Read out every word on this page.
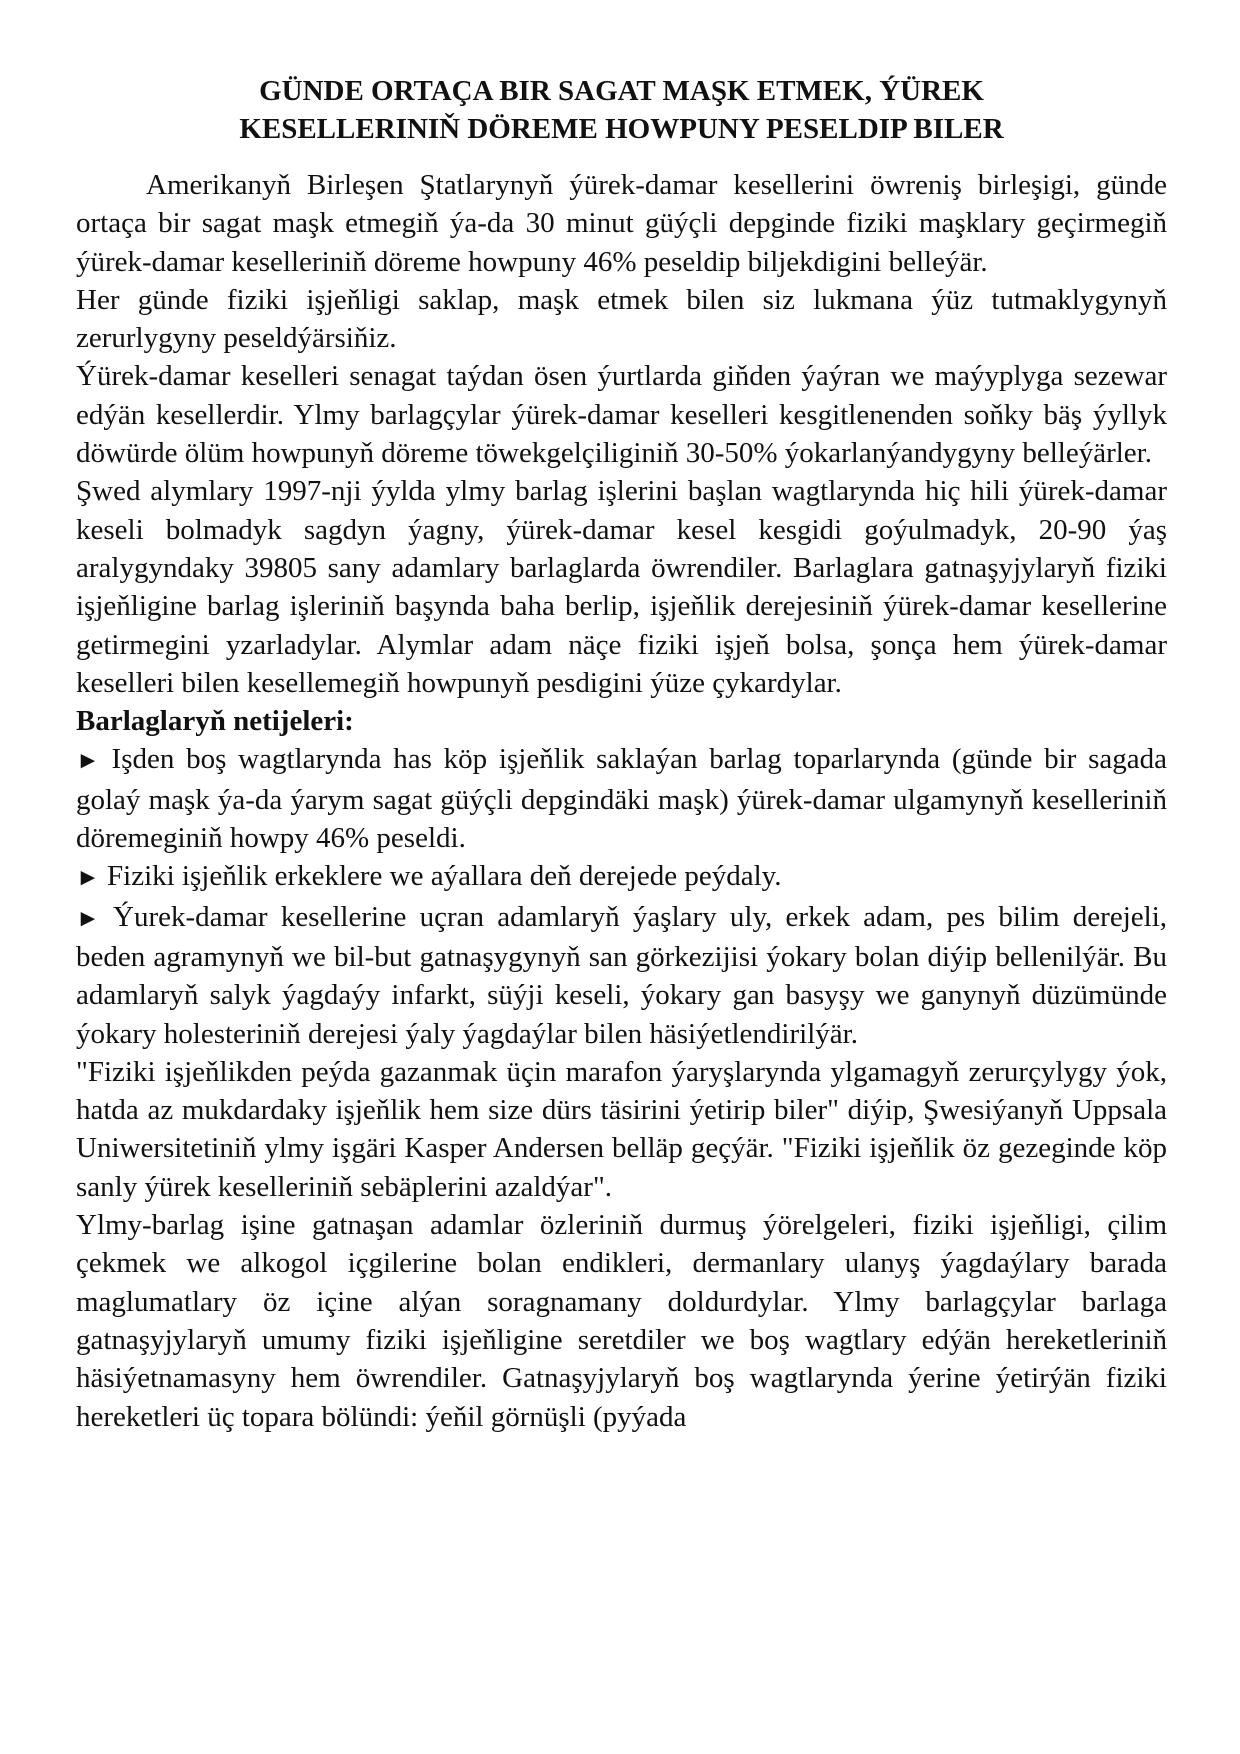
GÜNDE ORTAÇA BIR SAGAT MAŞK ETMEK, ÝÜREK
KESELLERINIŇ DÖREME HOWPUNY PESELDIP BILER

Amerikanyň Birleşen Ştatlarynyň ýürek-damar kesellerini öwreniş birleşigi, günde ortaça bir sagat maşk etmegiň ýa-da 30 minut güýçli depginde fiziki maşklary geçirmegiň ýürek-damar keselleriniň döreme howpuny 46% peseldip biljekdigini belleýär.

Her günde fiziki işjeňligi saklap, maşk etmek bilen siz lukmana ýüz tutmaklygynyň zerurlygyny peseldýärsiňiz.

Ýürek-damar keselleri senagat taýdan ösen ýurtlarda giňden ýaýran we maýyplyga sezewar edýän kesellerdir. Ylmy barlagçylar ýürek-damar keselleri kesgitlenenden soňky bäş ýyllyk döwürde ölüm howpunyň döreme töwekgelçiliginiň 30-50% ýokarlanýandygyny belleýärler.

Şwed alymlary 1997-nji ýylda ylmy barlag işlerini başlan wagtlarynda hiç hili ýürek-damar keseli bolmadyk sagdyn ýagny, ýürek-damar kesel kesgidi goýulmadyk, 20-90 ýaş aralygyndaky 39805 sany adamlary barlaglarda öwrendiler. Barlaglara gatnaşyjylaryň fiziki işjeňligine barlag işleriniň başynda baha berlip, işjeňlik derejesiniň ýürek-damar kesellerine getirmegini yzarladylar. Alymlar adam näçe fiziki işjeň bolsa, şonça hem ýürek-damar keselleri bilen kesellemegiň howpunyň pesdigini ýüze çykardylar.

Barlaglaryň netijeleri:

► Işden boş wagtlarynda has köp işjeňlik saklaýan barlag toparlarynda (günde bir sagada golaý maşk ýa-da ýarym sagat güýçli depgindäki maşk) ýürek-damar ulgamynyň keselleriniň döremeginiň howpy 46% peseldi.

► Fiziki işjeňlik erkeklere we aýallara deň derejede peýdaly.

► Ýurek-damar kesellerine uçran adamlaryň ýaşlary uly, erkek adam, pes bilim derejeli, beden agramynyň we bil-but gatnaşygynyň san görkezijisi ýokary bolan diýip bellenilýär. Bu adamlaryň salyk ýagdaýy infarkt, süýji keseli, ýokary gan basyşy we ganynyň düzümünde ýokary holesteriniň derejesi ýaly ýagdaýlar bilen häsiýetlendirilýär.

"Fiziki işjeňlikden peýda gazanmak üçin marafon ýaryşlarynda ylgamagyň zerurçylygy ýok, hatda az mukdardaky işjeňlik hem size dürs täsirini ýetirip biler" diýip, Şwesiýanyň Uppsala Uniwersitetiniň ylmy işgäri Kasper Andersen belläp geçýär. "Fiziki işjeňlik öz gezeginde köp sanly ýürek keselleriniň sebäplerini azaldýar".

Ylmy-barlag işine gatnaşan adamlar özleriniň durmuş ýörelgeleri, fiziki işjeňligi, çilim çekmek we alkogol içgilerine bolan endikleri, dermanlary ulanyş ýagdaýlary barada maglumatlary öz içine alýan soragnamany doldurdylar. Ylmy barlagçylar barlaga gatnaşyjylaryň umumy fiziki işjeňligine seretdiler we boş wagtlary edýän hereketleriniň häsiýetnamasyny hem öwrendiler. Gatnaşyjylaryň boş wagtlarynda ýerine ýetirýän fiziki hereketleri üç topara bölündi: ýeňil görnüşli (pyýada
